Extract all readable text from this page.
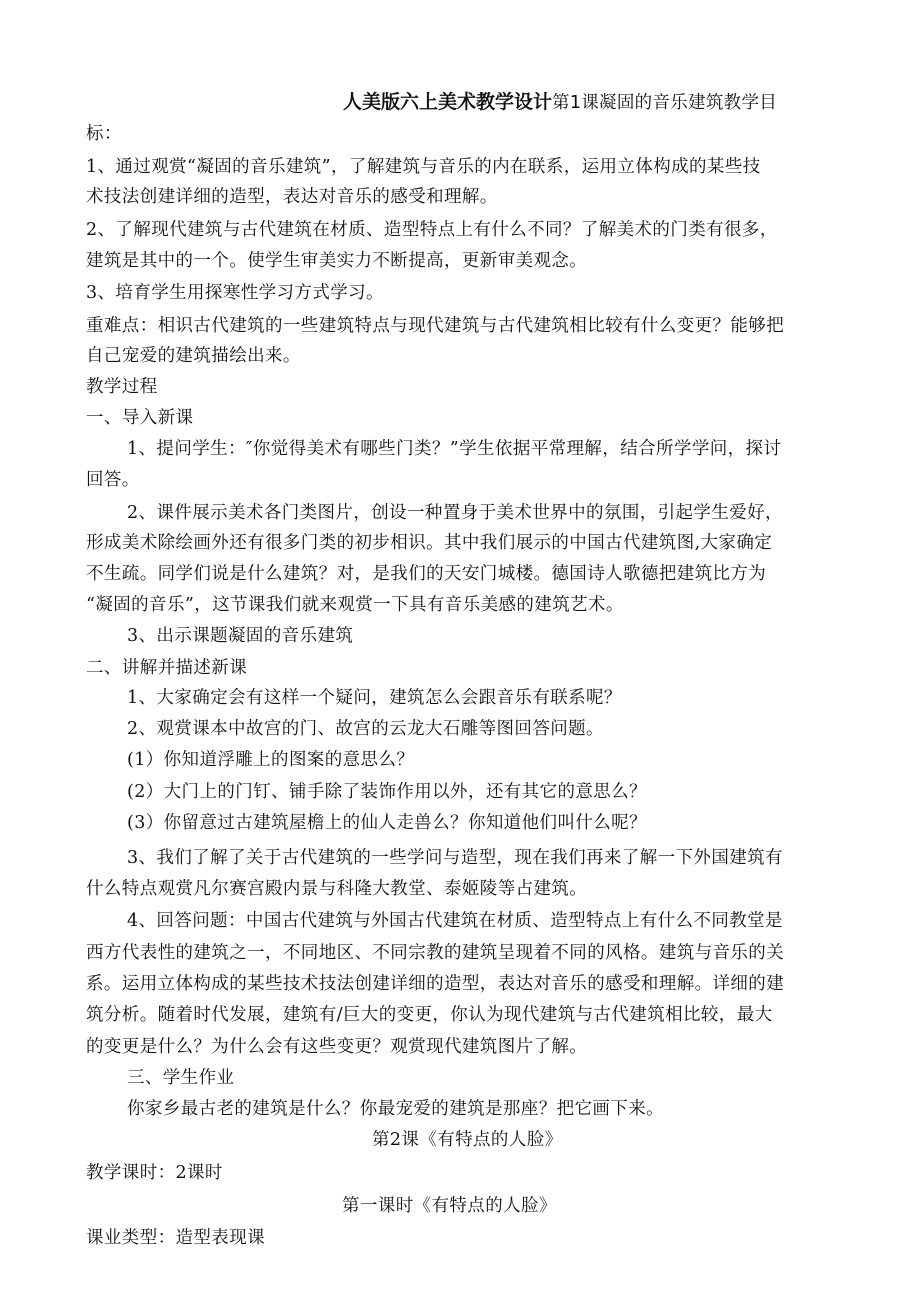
人美版六上美术教学设计第1课凝固的音乐建筑教学目
标：
1、通过观赏“凝固的音乐建筑”，了解建筑与音乐的内在联系，运用立体构成的某些技
术技法创建详细的造型，表达对音乐的感受和理解。
2、了解现代建筑与古代建筑在材质、造型特点上有什么不同？了解美术的门类有很多，
建筑是其中的一个。使学生审美实力不断提高，更新审美观念。
3、培育学生用探寒性学习方式学习。
重难点：相识古代建筑的一些建筑特点与现代建筑与古代建筑相比较有什么变更？能够把
自己宠爱的建筑描绘出来。
教学过程
一、导入新课
1、提问学生：″你觉得美术有哪些门类？”学生依据平常理解，结合所学学问，探讨
回答。
2、课件展示美术各门类图片，创设一种置身于美术世界中的氛围，引起学生爱好，
形成美术除绘画外还有很多门类的初步相识。其中我们展示的中国古代建筑图,大家确定
不生疏。同学们说是什么建筑？对，是我们的天安门城楼。德国诗人歌德把建筑比方为
“凝固的音乐”，这节课我们就来观赏一下具有音乐美感的建筑艺术。
3、出示课题凝固的音乐建筑
二、讲解并描述新课
1、大家确定会有这样一个疑问，建筑怎么会跟音乐有联系呢？
2、观赏课本中故宫的门、故宫的云龙大石雕等图回答问题。
(1）你知道浮雕上的图案的意思么？
(2）大门上的门钉、铺手除了装饰作用以外，还有其它的意思么？
(3）你留意过古建筑屋檐上的仙人走兽么？你知道他们叫什么呢？
3、我们了解了关于古代建筑的一些学问与造型，现在我们再来了解一下外国建筑有
什么特点观赏凡尔赛宫殿内景与科隆大教堂、泰姬陵等占建筑。
4、回答问题：中国古代建筑与外国古代建筑在材质、造型特点上有什么不同教堂是
西方代表性的建筑之一，不同地区、不同宗教的建筑呈现着不同的风格。建筑与音乐的关
系。运用立体构成的某些技术技法创建详细的造型，表达对音乐的感受和理解。详细的建
筑分析。随着时代发展，建筑有/巨大的变更，你认为现代建筑与古代建筑相比较，最大
的变更是什么？为什么会有这些变更？观赏现代建筑图片了解。
三、学生作业
你家乡最古老的建筑是什么？你最宠爱的建筑是那座？把它画下来。
第2课《有特点的人脸》
教学课时：2课时
第一课时《有特点的人脸》
课业类型：造型表现课
